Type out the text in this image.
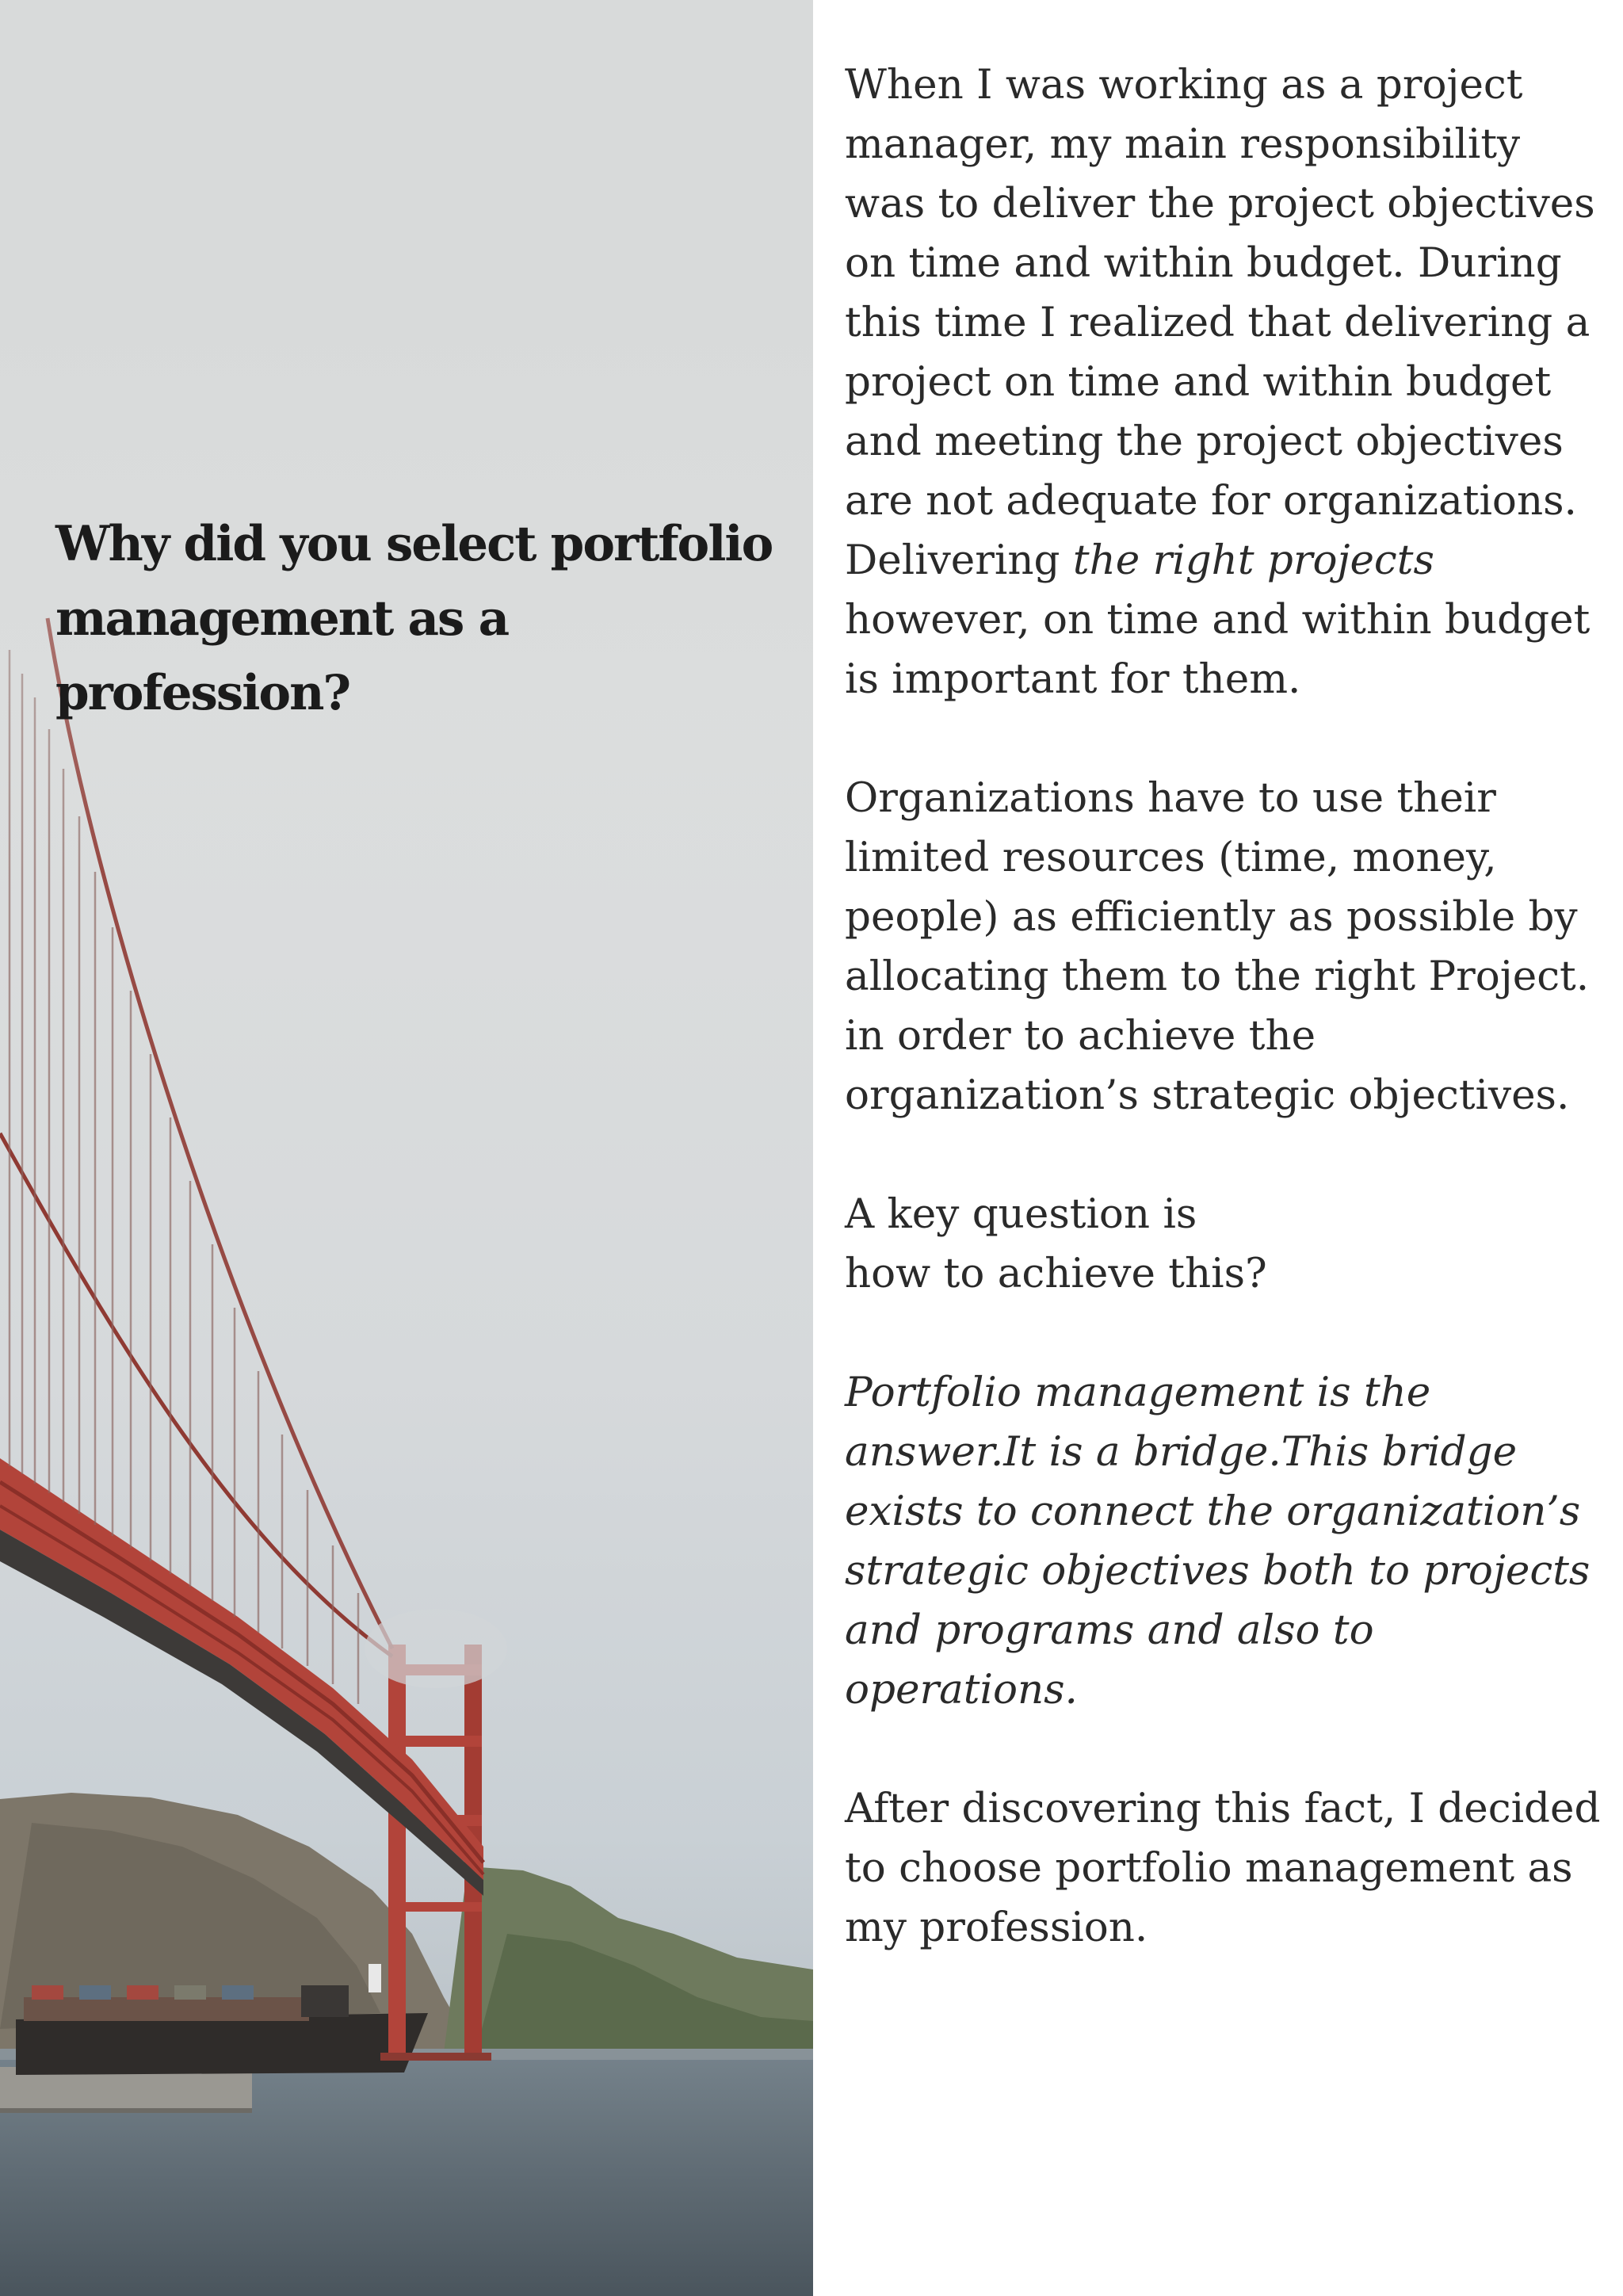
Why did you select portfolio
management as a profession?

When I was working as a project manager, my main responsibility was to deliver the project objectives on time and within budget. During this time I realized that delivering a project on time and within budget and meeting the project objectives are not adequate for organizations. Delivering the right projects however, on time and within budget is important for them.

Organizations have to use their limited resources (time, money, people) as efficiently as possible by allocating them to the right Project. in order to achieve the organization’s strategic objectives.

A key question is
how to achieve this?

Portfolio management is the answer.It is a bridge.This bridge exists to connect the organization’s strategic objectives both to projects and programs and also to operations.

After discovering this fact, I decided to choose portfolio management as my profession.
